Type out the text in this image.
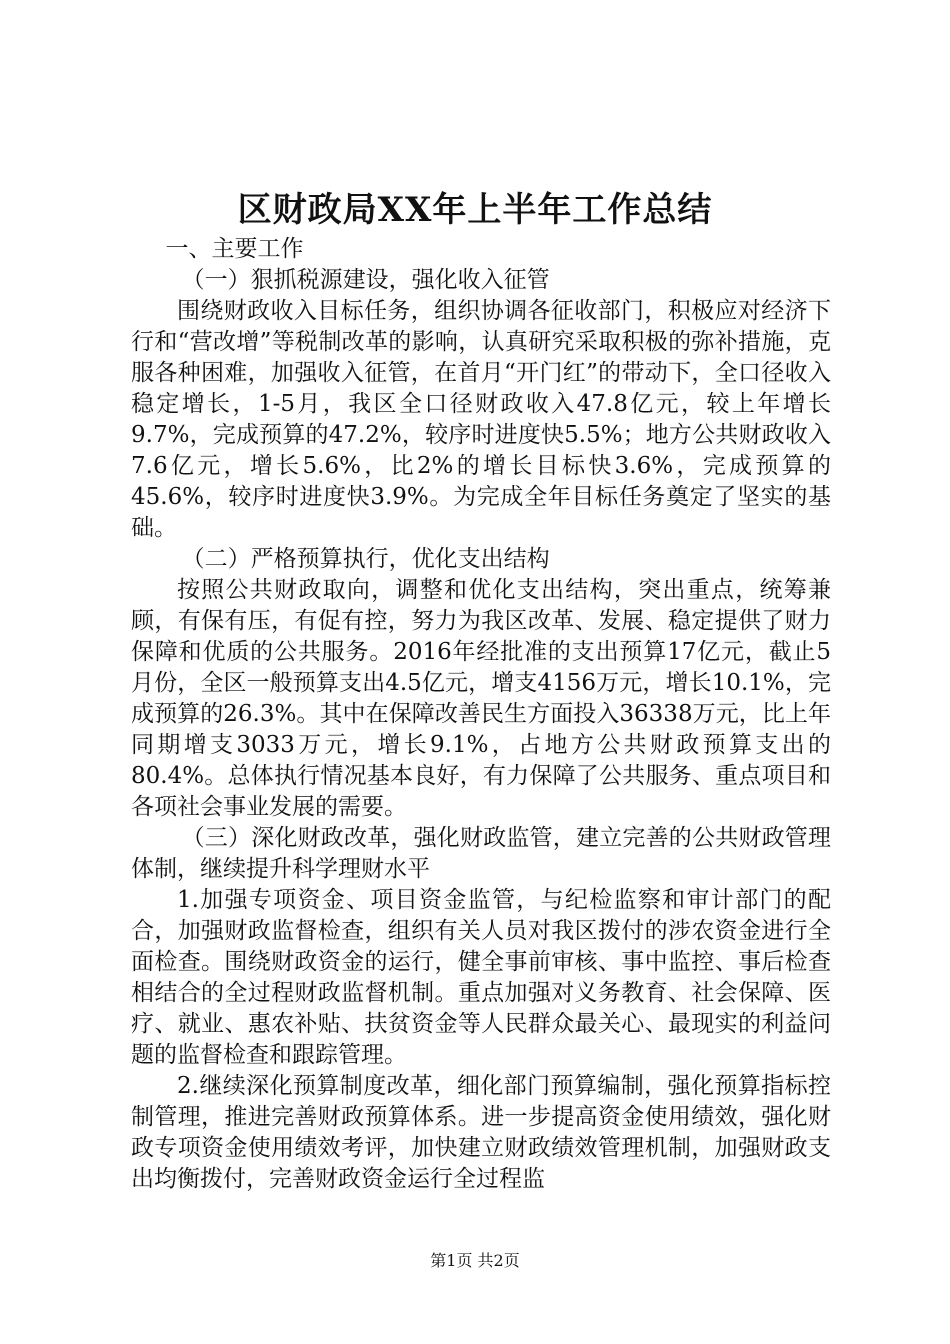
区财政局XX年上半年工作总结

一、主要工作

（一）狠抓税源建设，强化收入征管

围绕财政收入目标任务，组织协调各征收部门，积极应对经济下行和“营改增”等税制改革的影响，认真研究采取积极的弥补措施，克服各种困难，加强收入征管，在首月“开门红”的带动下，全口径收入稳定增长，1-5月，我区全口径财政收入47.8亿元，较上年增长9.7%，完成预算的47.2%，较序时进度快5.5%；地方公共财政收入7.6亿元，增长5.6%，比2%的增长目标快3.6%，完成预算的45.6%，较序时进度快3.9%。为完成全年目标任务奠定了坚实的基础。

（二）严格预算执行，优化支出结构

按照公共财政取向，调整和优化支出结构，突出重点，统筹兼顾，有保有压，有促有控，努力为我区改革、发展、稳定提供了财力保障和优质的公共服务。2016年经批准的支出预算17亿元，截止5月份，全区一般预算支出4.5亿元，增支4156万元，增长10.1%，完成预算的26.3%。其中在保障改善民生方面投入36338万元，比上年同期增支3033万元，增长9.1%，占地方公共财政预算支出的80.4%。总体执行情况基本良好，有力保障了公共服务、重点项目和各项社会事业发展的需要。

（三）深化财政改革，强化财政监管，建立完善的公共财政管理体制，继续提升科学理财水平

1.加强专项资金、项目资金监管，与纪检监察和审计部门的配合，加强财政监督检查，组织有关人员对我区拨付的涉农资金进行全面检查。围绕财政资金的运行，健全事前审核、事中监控、事后检查相结合的全过程财政监督机制。重点加强对义务教育、社会保障、医疗、就业、惠农补贴、扶贫资金等人民群众最关心、最现实的利益问题的监督检查和跟踪管理。

2.继续深化预算制度改革，细化部门预算编制，强化预算指标控制管理，推进完善财政预算体系。进一步提高资金使用绩效，强化财政专项资金使用绩效考评，加快建立财政绩效管理机制，加强财政支出均衡拨付，完善财政资金运行全过程监

第1页 共2页
